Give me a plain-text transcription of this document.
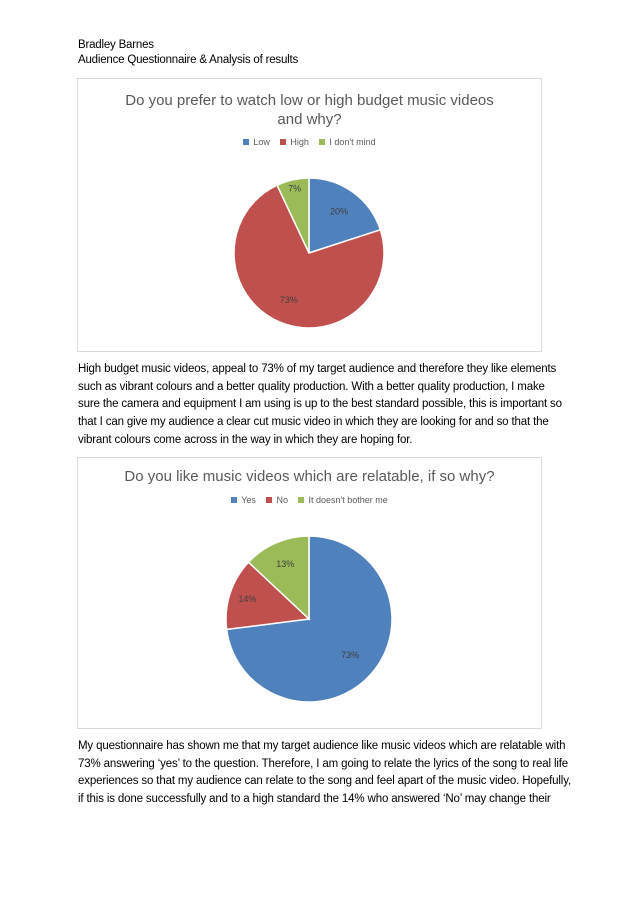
Bradley Barnes
Audience Questionnaire & Analysis of results
Do you prefer to watch low or high budget music videos
and why?
Low High I don't mind
20%
73%
7%

High budget music videos, appeal to 73% of my target audience and therefore they like elements

such as vibrant colours and a better quality production. With a better quality production, I make

sure the camera and equipment I am using is up to the best standard possible, this is important so

that I can give my audience a clear cut music video in which they are looking for and so that the

vibrant colours come across in the way in which they are hoping for.

Do you like music videos which are relatable, if so why?
Yes No It doesn't bother me
73%
14%
13%

My questionnaire has shown me that my target audience like music videos which are relatable with

73% answering ‘yes’ to the question. Therefore, I am going to relate the lyrics of the song to real life

experiences so that my audience can relate to the song and feel apart of the music video. Hopefully,

if this is done successfully and to a high standard the 14% who answered ‘No’ may change their
